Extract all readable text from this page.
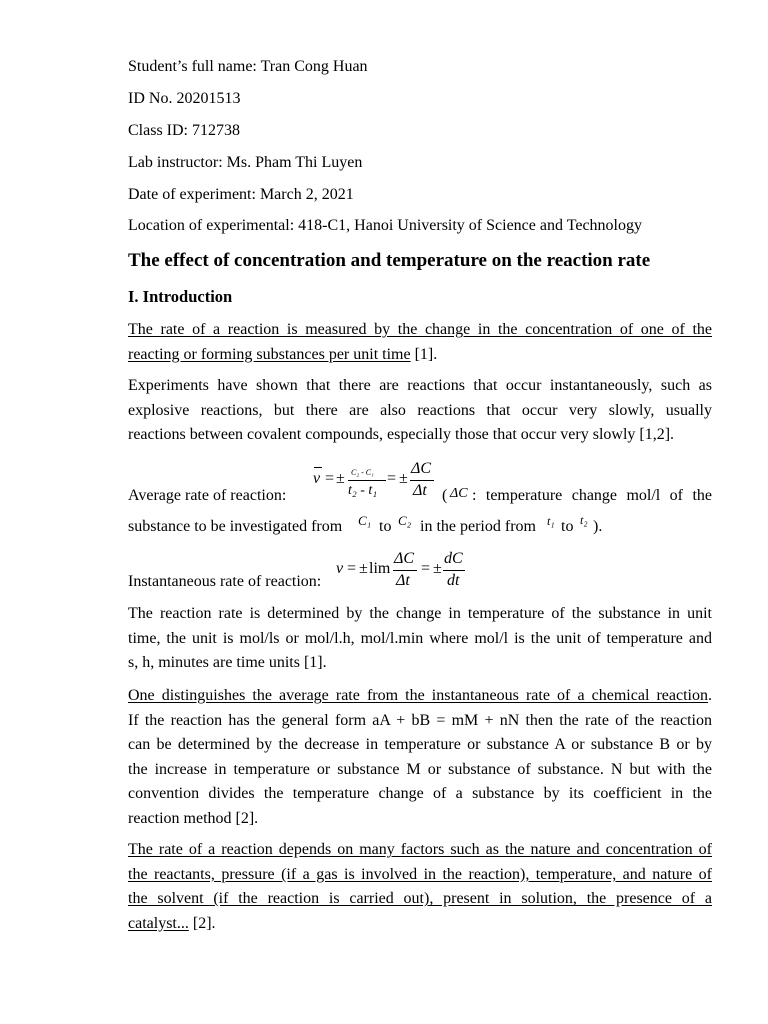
Student’s full name: Tran Cong Huan
ID No. 20201513
Class ID: 712738
Lab instructor: Ms. Pham Thi Luyen
Date of experiment: March 2, 2021
Location of experimental: 418-C1, Hanoi University of Science and Technology
The effect of concentration and temperature on the reaction rate
I. Introduction
The rate of a reaction is measured by the change in the concentration of one of the
reacting or forming substances per unit time [1].
Experiments have shown that there are reactions that occur instantaneously, such as
explosive reactions, but there are also reactions that occur very slowly, usually
reactions between covalent compounds, especially those that occur very slowly [1,2].
Average rate of reaction:
v = ± C₂ - C₁
t₂ - t₁
= ±
ΔC
Δt ( ΔC : temperature change mol/l of the
substance to be investigated from C₁ to C₂ in the period from t₁ to t₂ ).
Instantaneous rate of reaction:
v = ± lim
ΔC
Δt
= ±
dC
dt
The reaction rate is determined by the change in temperature of the substance in unit
time, the unit is mol/ls or mol/l.h, mol/l.min where mol/l is the unit of temperature and
s, h, minutes are time units [1].
One distinguishes the average rate from the instantaneous rate of a chemical reaction.
If the reaction has the general form aA + bB = mM + nN then the rate of the reaction
can be determined by the decrease in temperature or substance A or substance B or by
the increase in temperature or substance M or substance of substance. N but with the
convention divides the temperature change of a substance by its coefficient in the
reaction method [2].
The rate of a reaction depends on many factors such as the nature and concentration of
the reactants, pressure (if a gas is involved in the reaction), temperature, and nature of
the solvent (if the reaction is carried out), present in solution, the presence of a
catalyst... [2].
